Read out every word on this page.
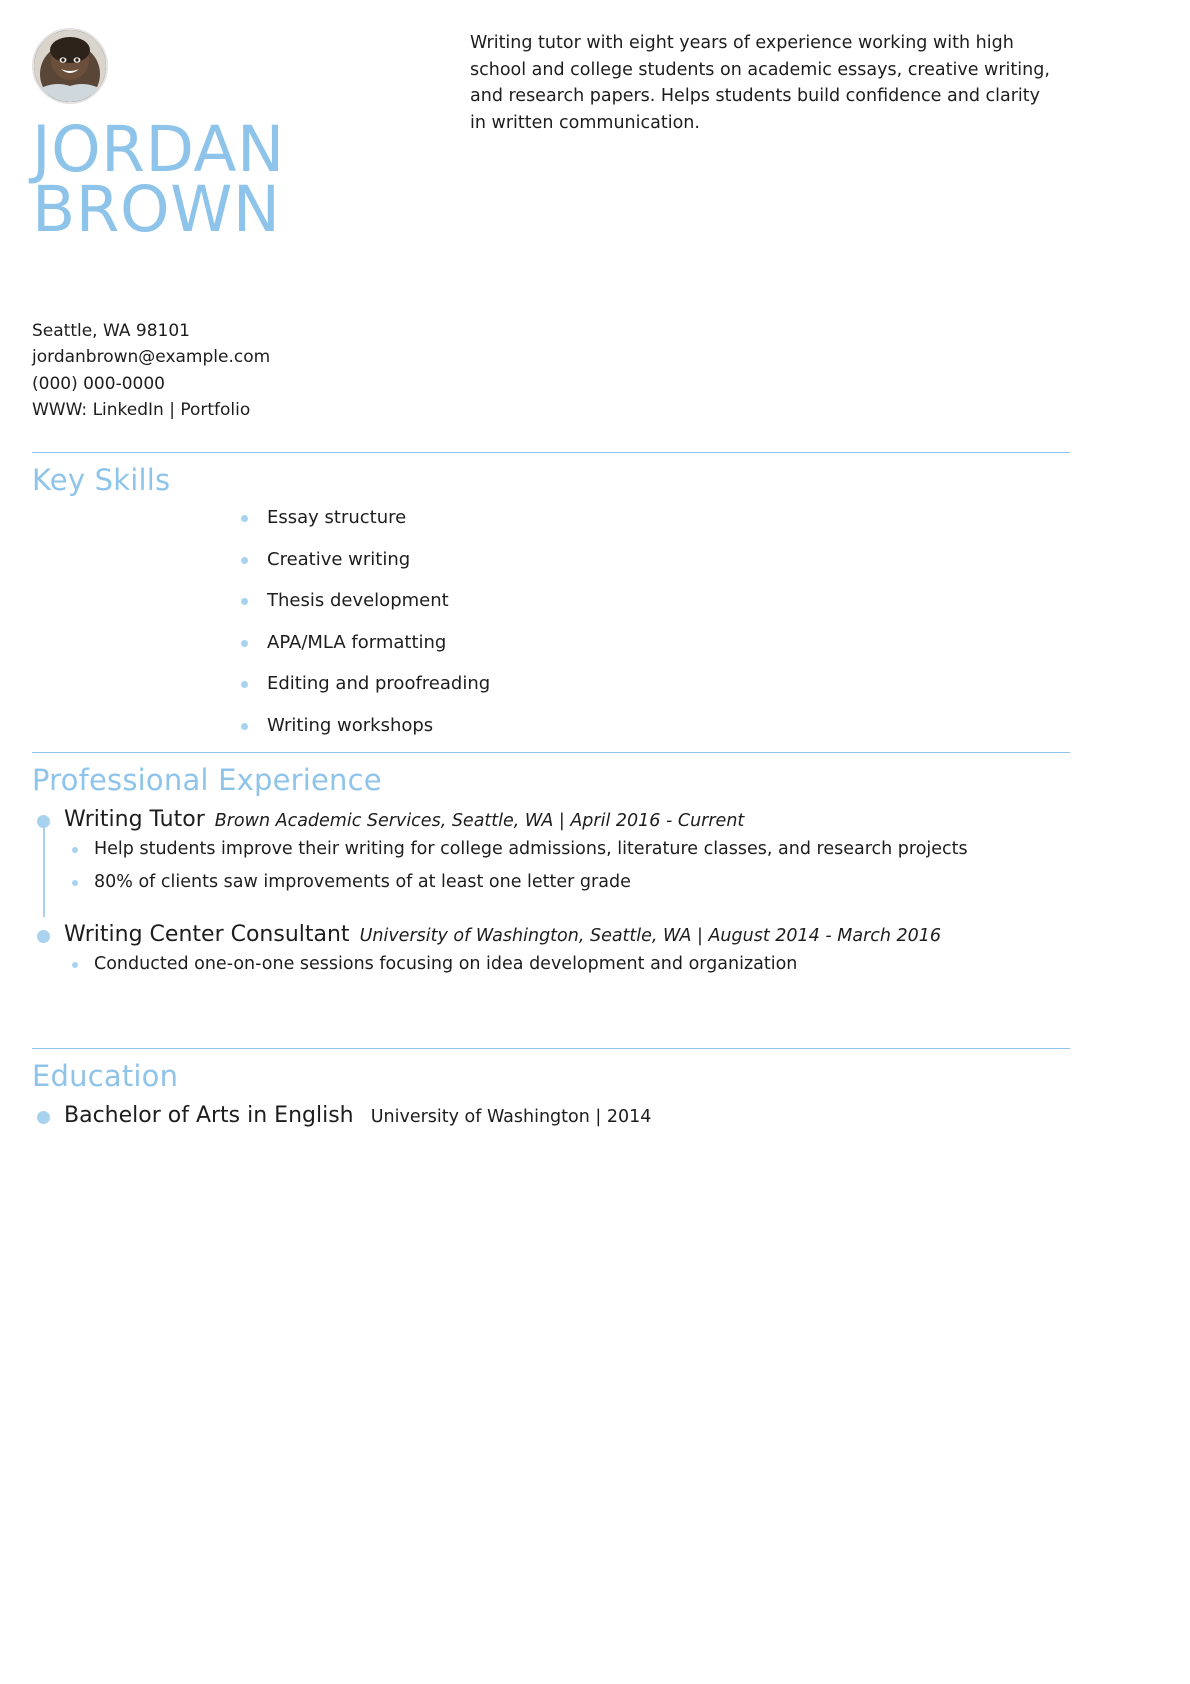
Writing tutor with eight years of experience working with high school and college students on academic essays, creative writing, and research papers. Helps students build confidence and clarity in written communication.
JORDAN
BROWN
Seattle, WA 98101
jordanbrown@example.com
(000) 000-0000
WWW: LinkedIn | Portfolio
Key Skills
Essay structure
Creative writing
Thesis development
APA/MLA formatting
Editing and proofreading
Writing workshops
Professional Experience
Writing Tutor Brown Academic Services, Seattle, WA | April 2016 - Current
Help students improve their writing for college admissions, literature classes, and research projects
80% of clients saw improvements of at least one letter grade
Writing Center Consultant University of Washington, Seattle, WA | August 2014 - March 2016
Conducted one-on-one sessions focusing on idea development and organization
Education
Bachelor of Arts in English University of Washington | 2014
